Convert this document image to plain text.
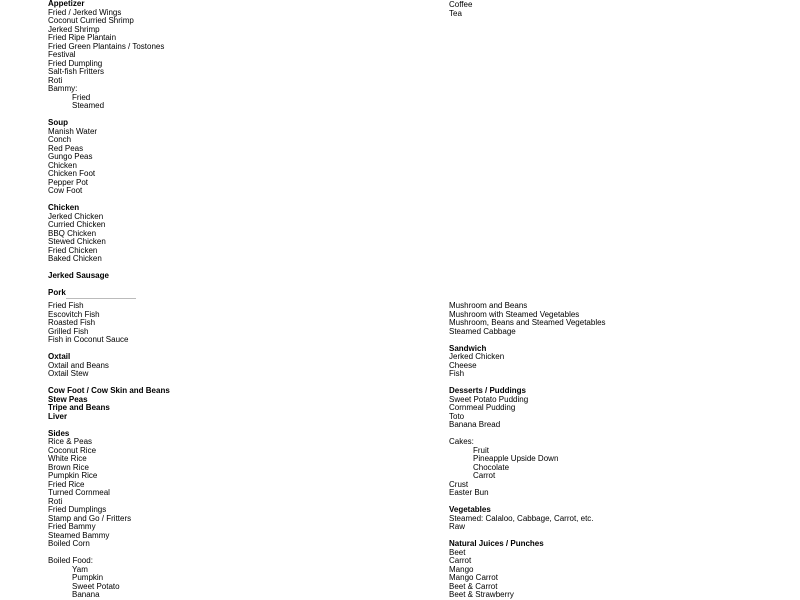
Appetizer
Fried / Jerked Wings
Coconut Curried Shrimp
Jerked Shrimp
Fried Ripe Plantain
Fried Green Plantains / Tostones
Festival
Fried Dumpling
Salt-fish Fritters
Roti
Bammy:
Fried
Steamed
Soup
Manish Water
Conch
Red Peas
Gungo Peas
Chicken
Chicken Foot
Pepper Pot
Cow Foot
Chicken
Jerked Chicken
Curried Chicken
BBQ Chicken
Stewed Chicken
Fried Chicken
Baked Chicken
Jerked Sausage
Pork
Fried Fish
Escovitch Fish
Roasted Fish
Grilled Fish
Fish in Coconut Sauce
Oxtail
Oxtail and Beans
Oxtail Stew
Cow Foot / Cow Skin and Beans
Stew Peas
Tripe and Beans
Liver
Sides
Rice & Peas
Coconut Rice
White Rice
Brown Rice
Pumpkin Rice
Fried Rice
Turned Cornmeal
Roti
Fried Dumplings
Stamp and Go / Fritters
Fried Bammy
Steamed Bammy
Boiled Corn
Boiled Food:
Yam
Pumpkin
Sweet Potato
Banana
Coffee
Tea
Mushroom and Beans
Mushroom with Steamed Vegetables
Mushroom, Beans and Steamed Vegetables
Steamed Cabbage
Sandwich
Jerked Chicken
Cheese
Fish
Desserts / Puddings
Sweet Potato Pudding
Cornmeal Pudding
Toto
Banana Bread
Cakes:
Fruit
Pineapple Upside Down
Chocolate
Carrot
Crust
Easter Bun
Vegetables
Steamed: Calaloo, Cabbage, Carrot, etc.
Raw
Natural Juices / Punches
Beet
Carrot
Mango
Mango Carrot
Beet & Carrot
Beet & Strawberry
